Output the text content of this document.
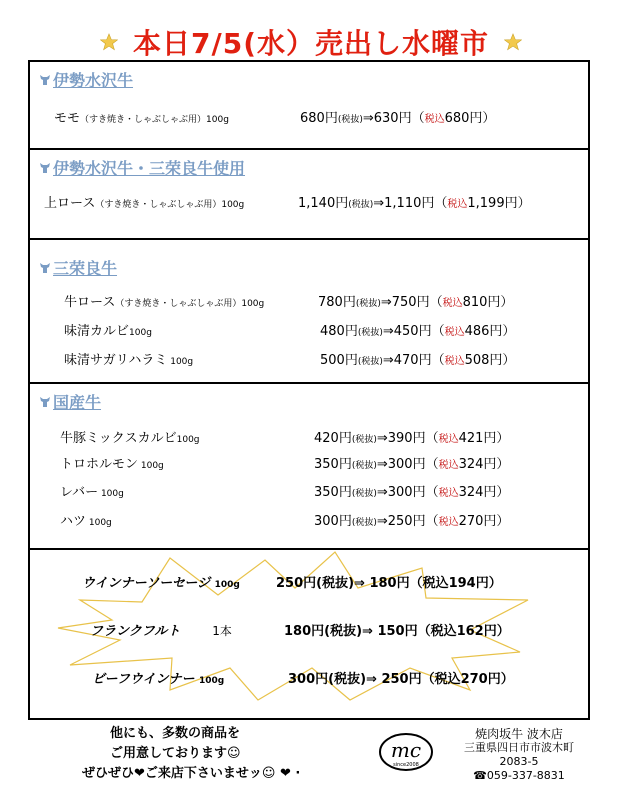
本日7/5(水）売出し水曜市
伊勢水沢牛
モモ（すき焼き・しゃぶしゃぶ用）100g	680円(税抜)⇒630円（税込680円）
伊勢水沢牛・三荣良牛使用
上ロース（すき焼き・しゃぶしゃぶ用）100g	1,140円(税抜)⇒1,110円（税込1,199円）
三荣良牛
牛ロース（すき焼き・しゃぶしゃぶ用）100g	780円(税抜)⇒750円（税込810円）
味清カルビ100g	480円(税抜)⇒450円（税込486円）
味清サガリハラミ 100g	500円(税抜)⇒470円（税込508円）
国産牛
牛豚ミックスカルビ100g	420円(税抜)⇒390円（税込421円）
トロホルモン 100g	350円(税抜)⇒300円（税込324円）
レバー 100g	350円(税抜)⇒300円（税込324円）
ハツ 100g	300円(税抜)⇒250円（税込270円）
ウインナーソーセージ 100g	250円(税抜)⇒ 180円（税込194円）
フランクフルト	1本	180円(税抜)⇒ 150円（税込162円）
ビーフウインナー 100g	300円(税抜)⇒ 250円（税込270円）
他にも、多数の商品を
ご用意しております☺
ぜひぜひ❤ご来店下さいませッ☺ ❤ ·
mc
since2008
焼肉坂牛 波木店
三重県四日市市波木町
2083-5
☎059-337-8831
